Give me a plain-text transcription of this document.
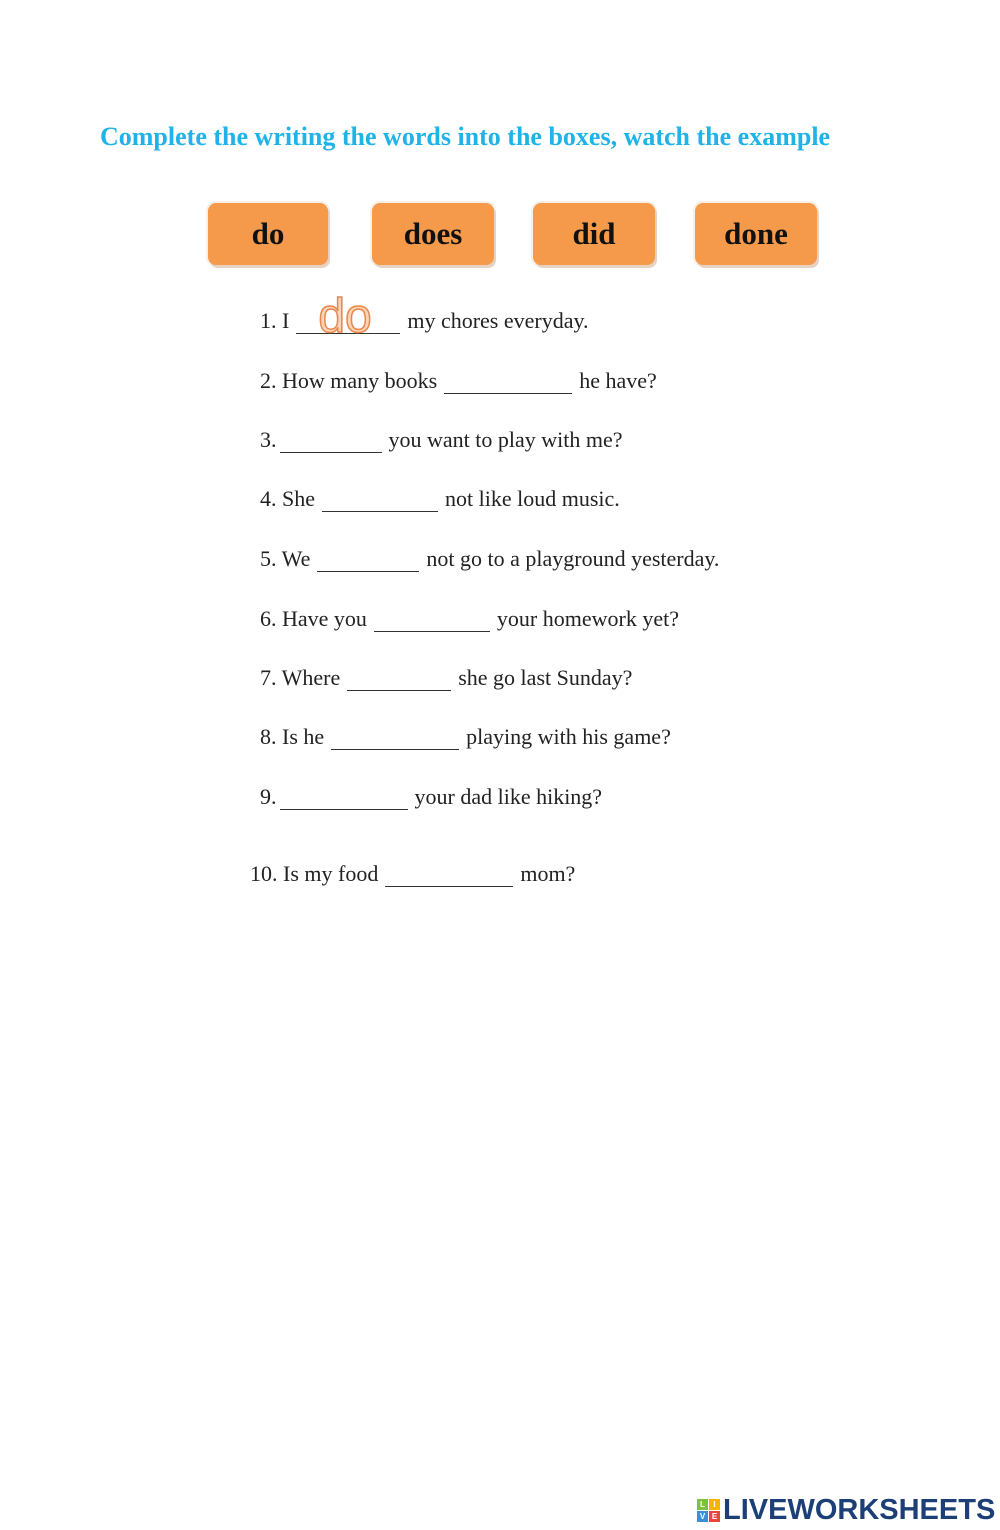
Complete the writing the words into the boxes, watch the example
do	does	did	done
1. I do my chores everyday.
2. How many books	he have?
3.	you want to play with me?
4. She	not like loud music.
5. We	not go to a playground yesterday.
6. Have you	your homework yet?
7. Where	she go last Sunday?
8. Is he	playing with his game?
9.	your dad like hiking?
10. Is my food	mom?
L	I
V E LIVEWORKSHEETS
